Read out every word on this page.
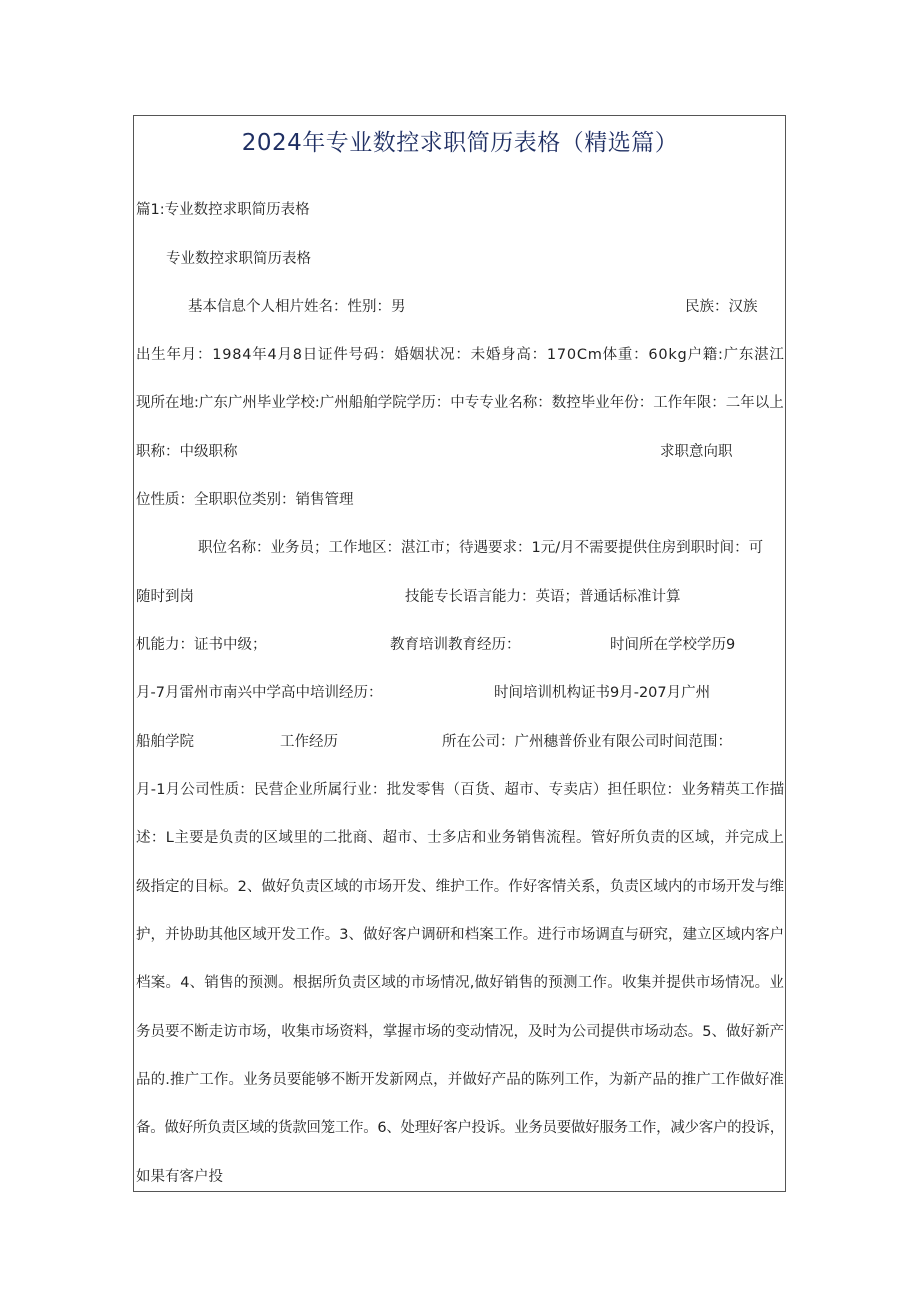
2024年专业数控求职简历表格（精选篇）
篇1:专业数控求职简历表格
专业数控求职简历表格
基本信息个人相片姓名：性别：男	民族：汉族
出生年月：1984年4月8日证件号码：婚姻状况：未婚身高：170Cm体重：60kg户籍:广东湛江
现所在地:广东广州毕业学校:广州船舶学院学历：中专专业名称：数控毕业年份：工作年限：二年以上
职称：中级职称	求职意向职
位性质：全职职位类别：销售管理
职位名称：业务员；工作地区：湛江市；待遇要求：1元/月不需要提供住房到职时间：可
随时到岗	技能专长语言能力：英语；普通话标准计算
机能力：证书中级；	教育培训教育经历：	时间所在学校学历9
月-7月雷州市南兴中学高中培训经历：	时间培训机构证书9月-207月广州
船舶学院	工作经历	所在公司：广州穗普侨业有限公司时间范围：
月-1月公司性质：民营企业所属行业：批发零售（百货、超市、专卖店）担任职位：业务精英工作描
述：L主要是负责的区域里的二批商、超市、士多店和业务销售流程。管好所负责的区域，并完成上
级指定的目标。2、做好负责区域的市场开发、维护工作。作好客情关系，负责区域内的市场开发与维
护，并协助其他区域开发工作。3、做好客户调研和档案工作。进行市场调直与研究，建立区域内客户
档案。4、销售的预测。根据所负责区域的市场情况,做好销售的预测工作。收集并提供市场情况。业
务员要不断走访市场，收集市场资料，掌握市场的变动情况，及时为公司提供市场动态。5、做好新产
品的.推广工作。业务员要能够不断开发新网点，并做好产品的陈列工作，为新产品的推广工作做好准
备。做好所负责区域的货款回笼工作。6、处理好客户投诉。业务员要做好服务工作，减少客户的投诉，
如果有客户投
